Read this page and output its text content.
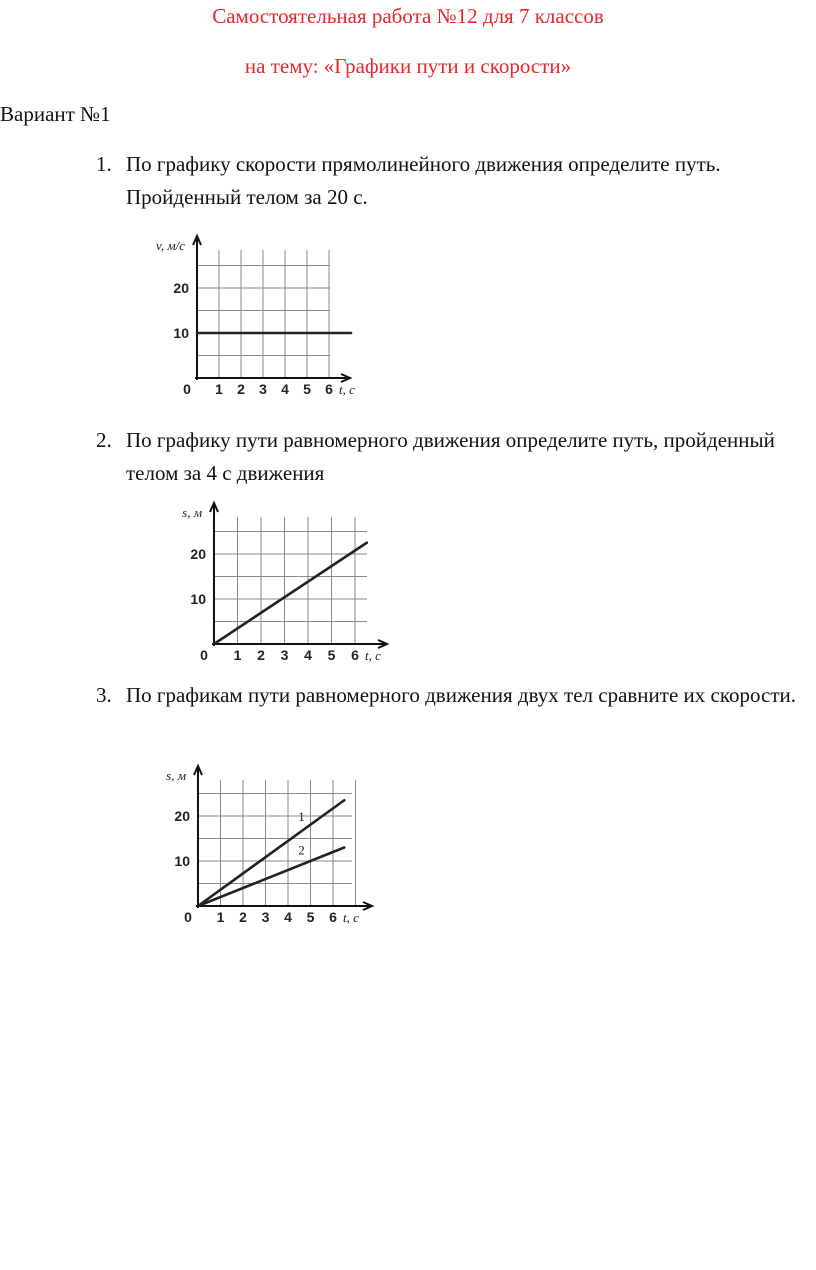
Самостоятельная работа №12 для 7 классов
на тему: «Графики пути и скорости»
Вариант №1
1. По графику скорости прямолинейного движения определите путь. Пройденный телом за 20 с.
0 1 2 3 4 5 6
10
20
v, м/с
t, с
2. По графику пути равномерного движения определите путь, пройденный телом за 4 с движения
0 1 2 3 4 5 6
10
20
s, м
t, с
3. По графикам пути равномерного движения двух тел сравните их скорости.
0 1 2 3 4 5 6
10
20
s, м
t, с
1
2
